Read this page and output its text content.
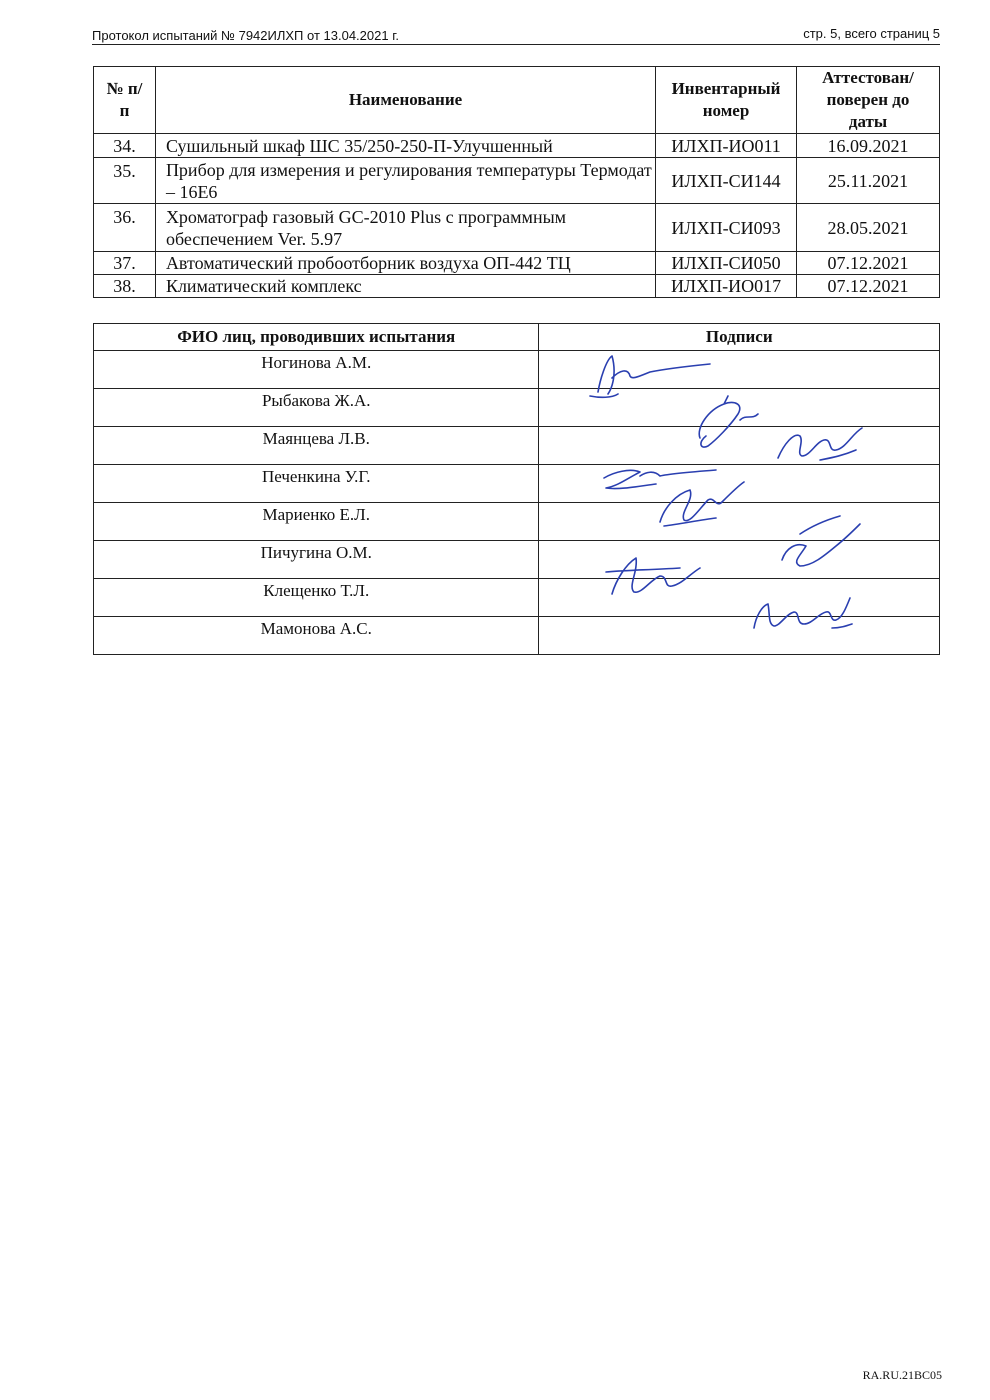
Протокол испытаний № 7942ИЛХП от 13.04.2021 г.	стр. 5, всего страниц 5
№ п/п	Наименование	Инвентарный номер	Аттестован/ поверен до даты
34.	Сушильный шкаф ШС 35/250-250-П-Улучшенный	ИЛХП-ИО011	16.09.2021
35.	Прибор для измерения и регулирования температуры Термодат – 16Е6	ИЛХП-СИ144	25.11.2021
36.	Хроматограф газовый GC-2010 Plus с программным обеспечением Ver. 5.97	ИЛХП-СИ093	28.05.2021
37.	Автоматический пробоотборник воздуха ОП-442 ТЦ	ИЛХП-СИ050	07.12.2021
38.	Климатический комплекс	ИЛХП-ИО017	07.12.2021
ФИО лиц, проводивших испытания	Подписи
Ногинова А.М.	
Рыбакова Ж.А.	
Маянцева Л.В.	
Печенкина У.Г.	
Мариенко Е.Л.	
Пичугина О.М.	
Клещенко Т.Л.	
Мамонова А.С.	
RA.RU.21ВС05
